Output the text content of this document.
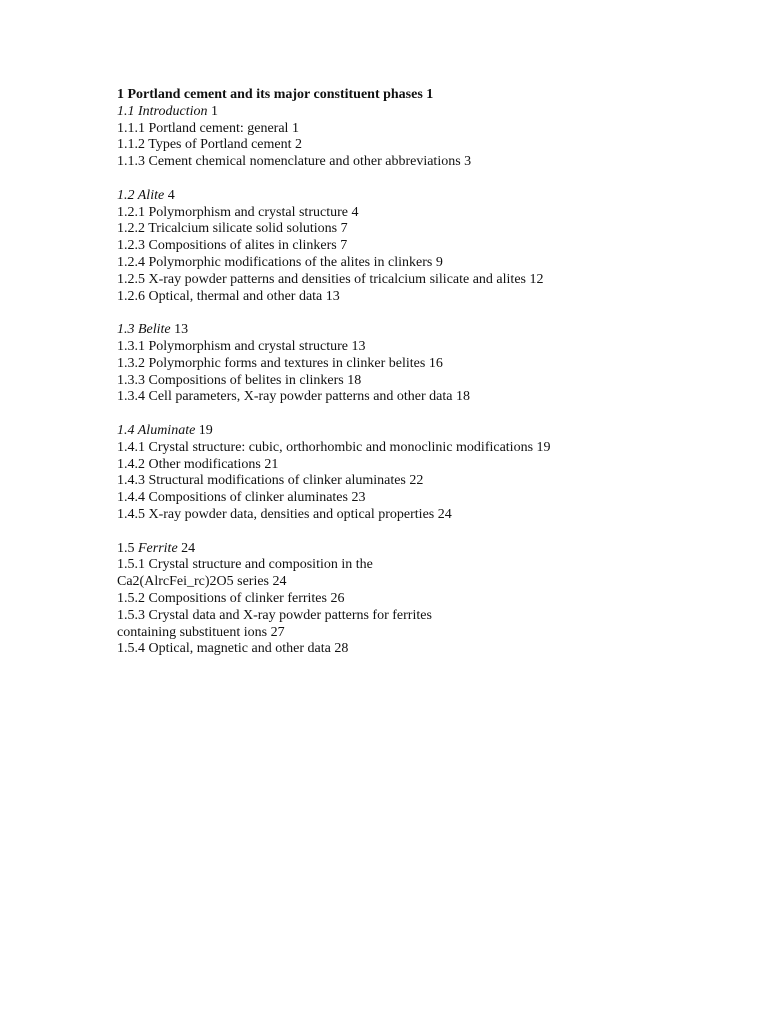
1 Portland cement and its major constituent phases 1
1.1 Introduction 1
1.1.1 Portland cement: general 1
1.1.2 Types of Portland cement 2
1.1.3 Cement chemical nomenclature and other abbreviations 3
1.2 Alite 4
1.2.1 Polymorphism and crystal structure 4
1.2.2 Tricalcium silicate solid solutions 7
1.2.3 Compositions of alites in clinkers 7
1.2.4 Polymorphic modifications of the alites in clinkers 9
1.2.5 X-ray powder patterns and densities of tricalcium silicate and alites 12
1.2.6 Optical, thermal and other data 13
1.3 Belite 13
1.3.1 Polymorphism and crystal structure 13
1.3.2 Polymorphic forms and textures in clinker belites 16
1.3.3 Compositions of belites in clinkers 18
1.3.4 Cell parameters, X-ray powder patterns and other data 18
1.4 Aluminate 19
1.4.1 Crystal structure: cubic, orthorhombic and monoclinic modifications 19
1.4.2 Other modifications 21
1.4.3 Structural modifications of clinker aluminates 22
1.4.4 Compositions of clinker aluminates 23
1.4.5 X-ray powder data, densities and optical properties 24
1.5 Ferrite 24
1.5.1 Crystal structure and composition in the
Ca2(AlrcFei_rc)2O5 series 24
1.5.2 Compositions of clinker ferrites 26
1.5.3 Crystal data and X-ray powder patterns for ferrites
containing substituent ions 27
1.5.4 Optical, magnetic and other data 28
